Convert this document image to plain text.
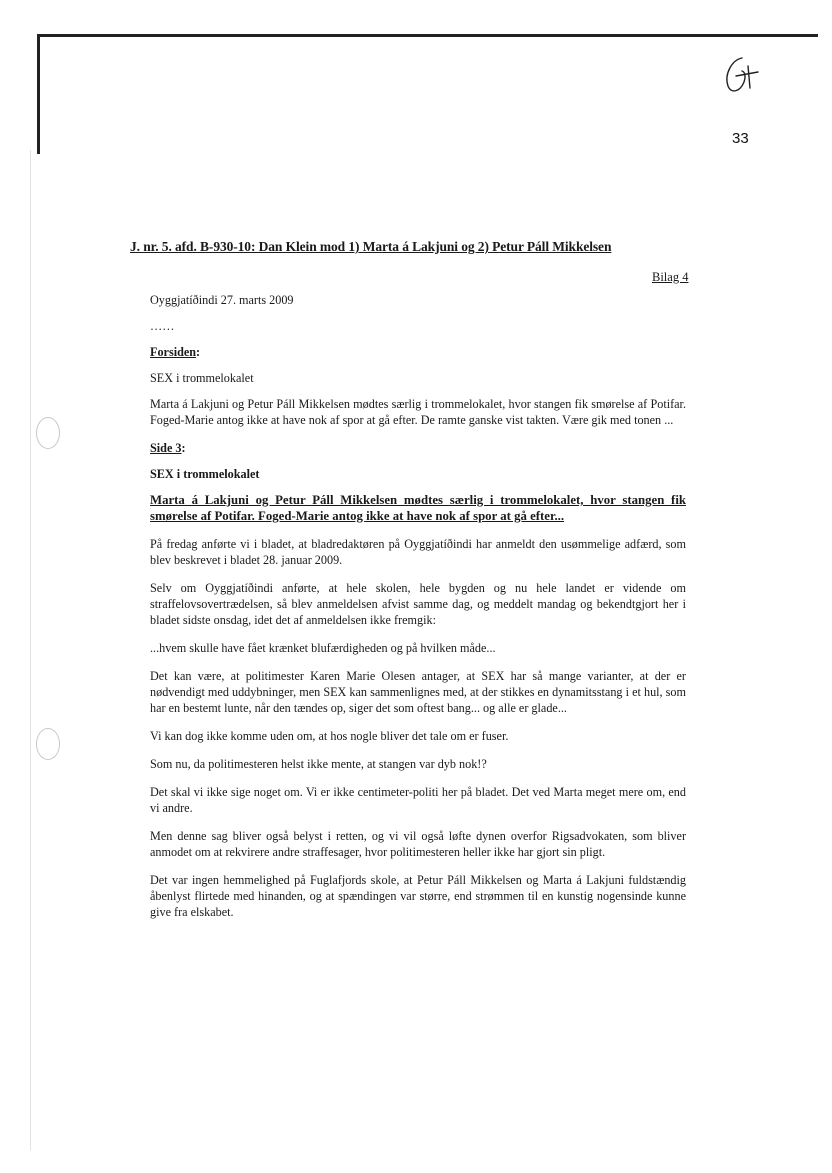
33
J. nr. 5. afd. B-930-10: Dan Klein mod 1) Marta á Lakjuni og 2) Petur Páll Mikkelsen
Bilag 4

Oyggjatíðindi 27. marts 2009

……

Forsiden:

SEX i trommelokalet

Marta á Lakjuni og Petur Páll Mikkelsen mødtes særlig i trommelokalet, hvor stangen fik smørelse af Potifar. Foged-Marie antog ikke at have nok af spor at gå efter. De ramte ganske vist takten. Være gik med tonen ...

Side 3:

SEX i trommelokalet

Marta á Lakjuni og Petur Páll Mikkelsen mødtes særlig i trommelokalet, hvor stangen fik smørelse af Potifar. Foged-Marie antog ikke at have nok af spor at gå efter...

På fredag anførte vi i bladet, at bladredaktøren på Oyggjatíðindi har anmeldt den usømmelige adfærd, som blev beskrevet i bladet 28. januar 2009.

Selv om Oyggjatíðindi anførte, at hele skolen, hele bygden og nu hele landet er vidende om straffelovsovertrædelsen, så blev anmeldelsen afvist samme dag, og meddelt mandag og bekendtgjort her i bladet sidste onsdag, idet det af anmeldelsen ikke fremgik:

...hvem skulle have fået krænket blufærdigheden og på hvilken måde...

Det kan være, at politimester Karen Marie Olesen antager, at SEX har så mange varianter, at der er nødvendigt med uddybninger, men SEX kan sammenlignes med, at der stikkes en dynamitsstang i et hul, som har en bestemt lunte, når den tændes op, siger det som oftest bang... og alle er glade...

Vi kan dog ikke komme uden om, at hos nogle bliver det tale om er fuser.

Som nu, da politimesteren helst ikke mente, at stangen var dyb nok!?

Det skal vi ikke sige noget om. Vi er ikke centimeter-politi her på bladet. Det ved Marta meget mere om, end vi andre.

Men denne sag bliver også belyst i retten, og vi vil også løfte dynen overfor Rigsadvokaten, som bliver anmodet om at rekvirere andre straffesager, hvor politimesteren heller ikke har gjort sin pligt.

Det var ingen hemmelighed på Fuglafjords skole, at Petur Páll Mikkelsen og Marta á Lakjuni fuldstændig åbenlyst flirtede med hinanden, og at spændingen var større, end strømmen til en kunstig nogensinde kunne give fra elskabet.
